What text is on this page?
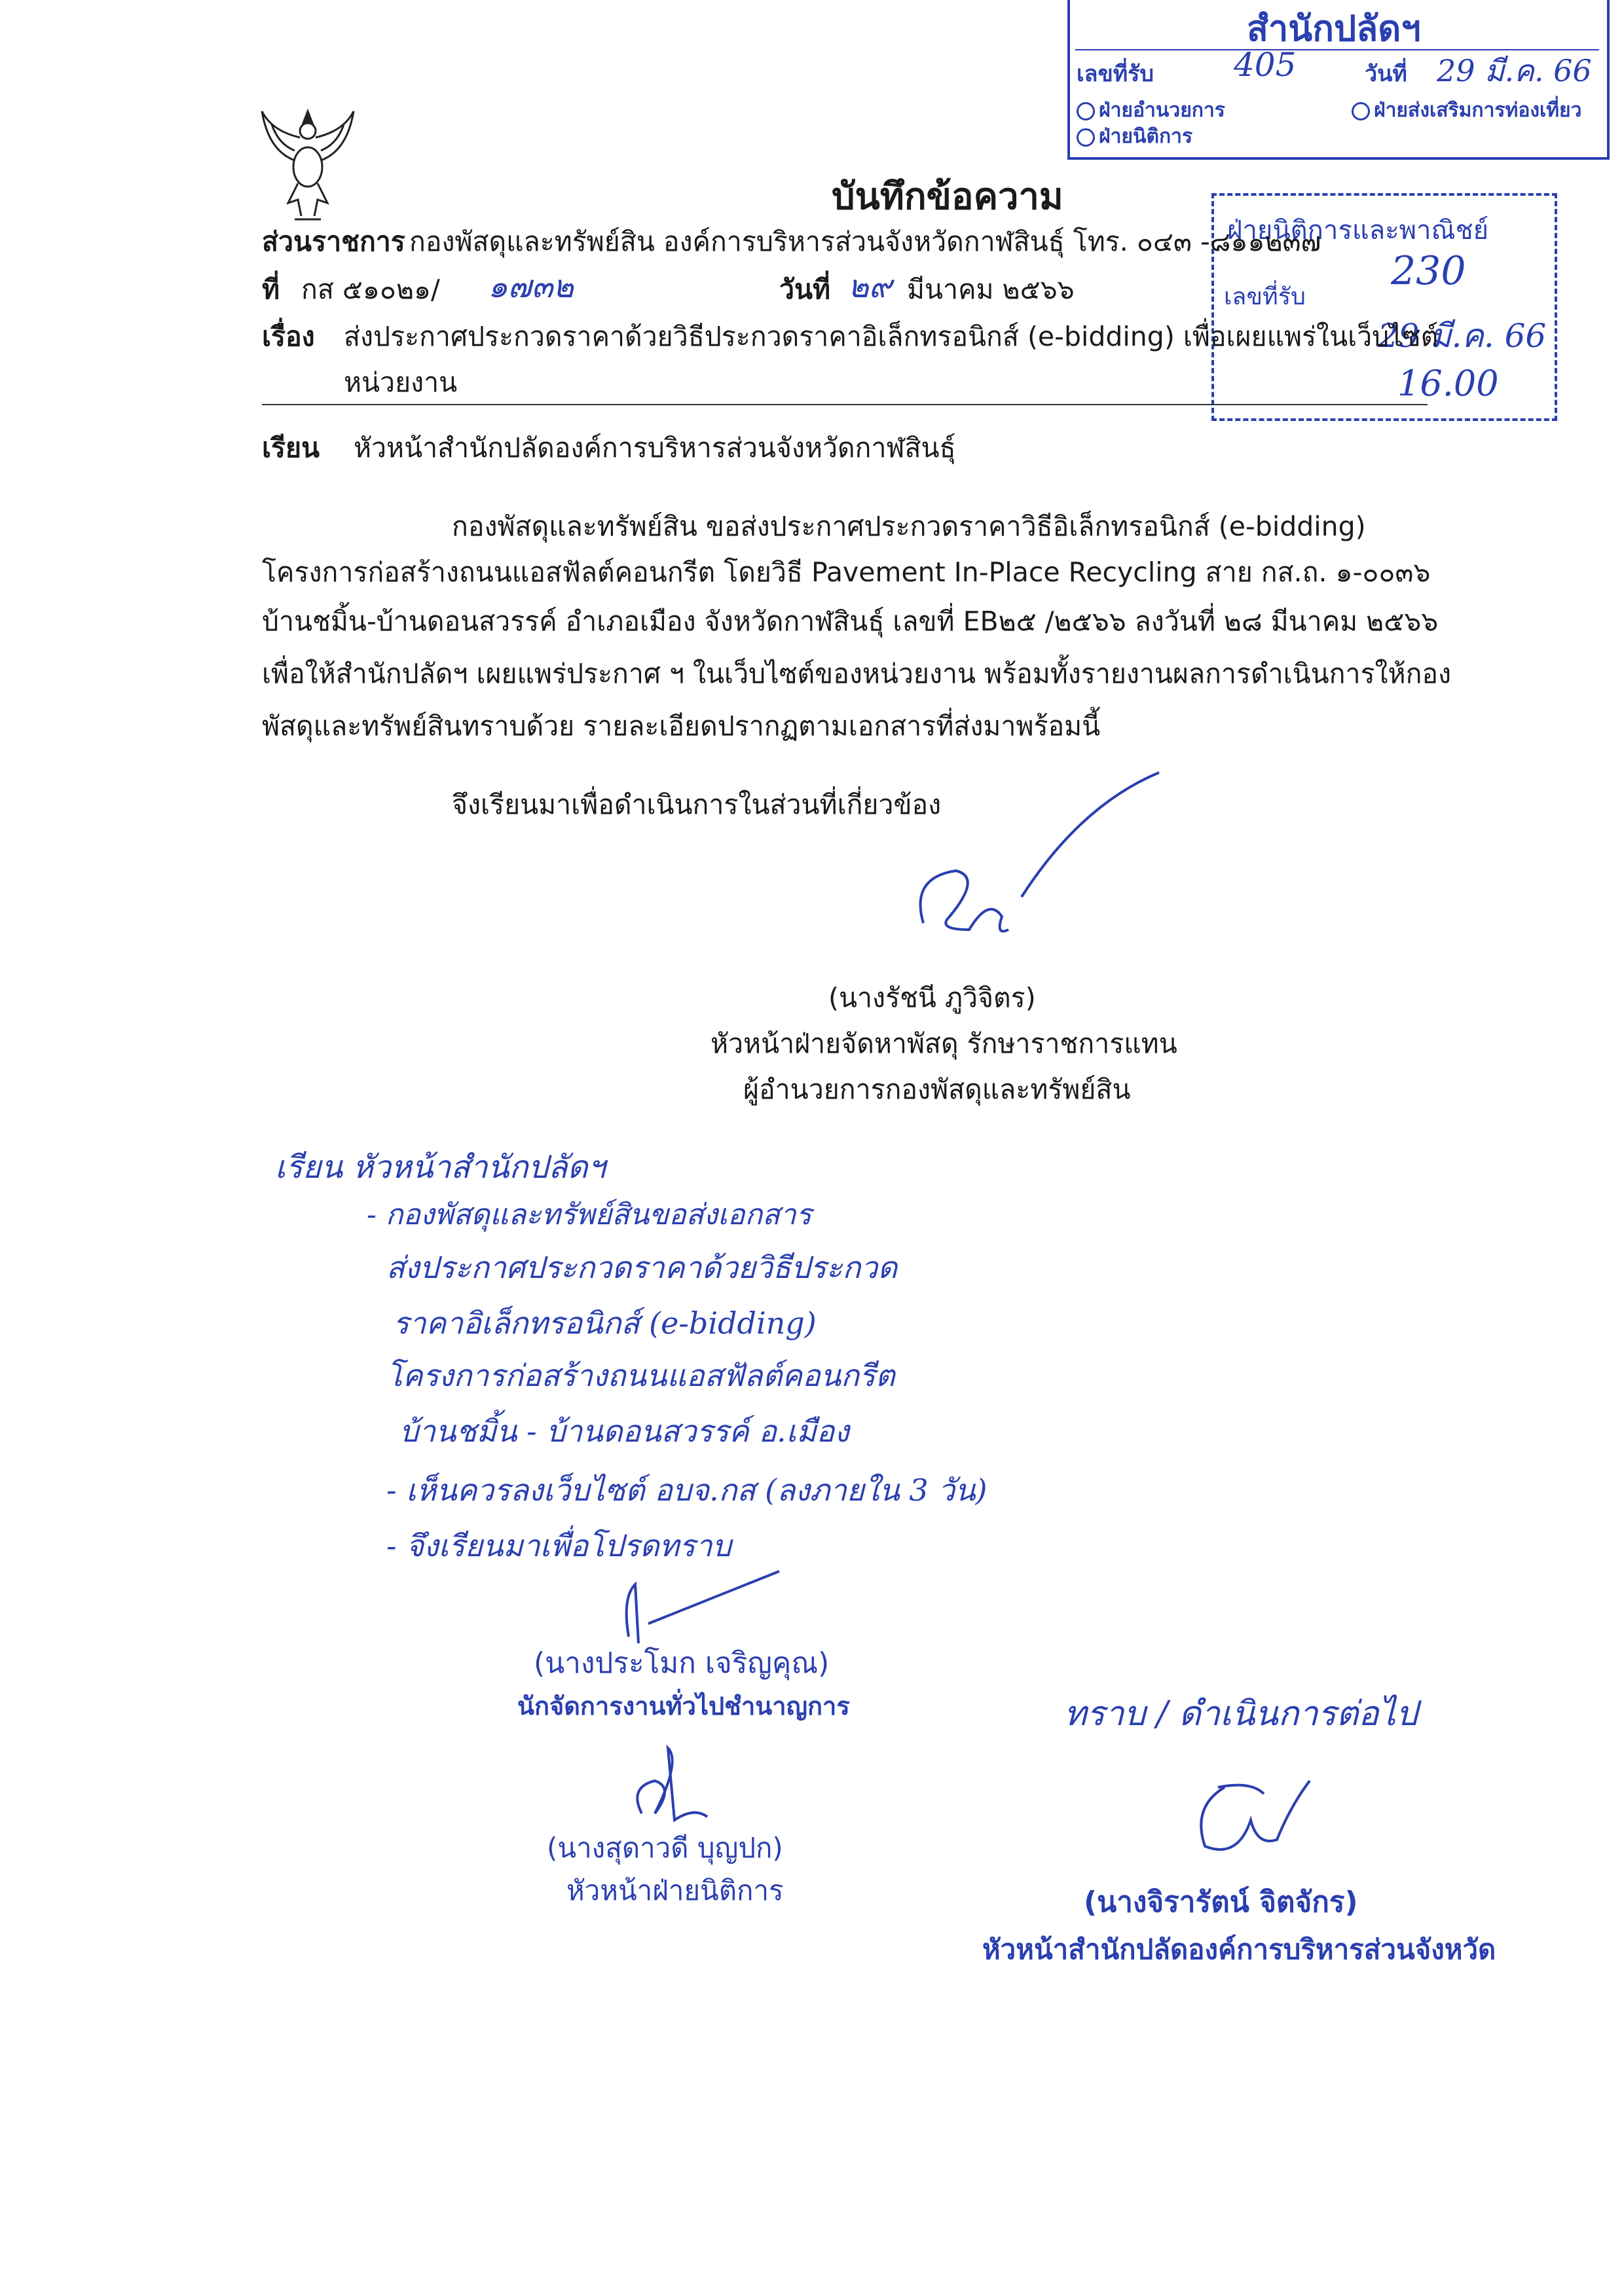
สำนักปลัดฯ
เลขที่รับ 405	วันที่ 29 มี.ค. 66
ฝ่ายอำนวยการ	ฝ่ายส่งเสริมการท่องเที่ยว
ฝ่ายนิติการ
ฝ่ายนิติการและพาณิชย์
เลขที่รับ
230
29 มี.ค. 66
16.00
บันทึกข้อความ
ส่วนราชการ กองพัสดุและทรัพย์สิน องค์การบริหารส่วนจังหวัดกาฬสินธุ์ โทร. ๐๔๓ -๘๑๑๒๓๗
ที่ กส ๕๑๐๒๑/ ๑๗๓๒	วันที่ ๒๙ มีนาคม ๒๕๖๖
เรื่อง ส่งประกาศประกวดราคาด้วยวิธีประกวดราคาอิเล็กทรอนิกส์ (e-bidding) เพื่อเผยแพร่ในเว็บไซต์
หน่วยงาน
เรียน หัวหน้าสำนักปลัดองค์การบริหารส่วนจังหวัดกาฬสินธุ์
กองพัสดุและทรัพย์สิน ขอส่งประกาศประกวดราคาวิธีอิเล็กทรอนิกส์ (e-bidding)
โครงการก่อสร้างถนนแอสฟัลต์คอนกรีต โดยวิธี Pavement In-Place Recycling สาย กส.ถ. ๑-๐๐๓๖
บ้านชมิ้น-บ้านดอนสวรรค์ อำเภอเมือง จังหวัดกาฬสินธุ์ เลขที่ EB๒๕ /๒๕๖๖ ลงวันที่ ๒๘ มีนาคม ๒๕๖๖
เพื่อให้สำนักปลัดฯ เผยแพร่ประกาศ ฯ ในเว็บไซต์ของหน่วยงาน พร้อมทั้งรายงานผลการดำเนินการให้กอง
พัสดุและทรัพย์สินทราบด้วย รายละเอียดปรากฏตามเอกสารที่ส่งมาพร้อมนี้
จึงเรียนมาเพื่อดำเนินการในส่วนที่เกี่ยวข้อง
(นางรัชนี ภูวิจิตร)
หัวหน้าฝ่ายจัดหาพัสดุ รักษาราชการแทน
ผู้อำนวยการกองพัสดุและทรัพย์สิน
เรียน หัวหน้าสำนักปลัดฯ
- กองพัสดุและทรัพย์สินขอส่งเอกสาร
ส่งประกาศประกวดราคาด้วยวิธีประกวด
ราคาอิเล็กทรอนิกส์ (e-bidding)
โครงการก่อสร้างถนนแอสฟัลต์คอนกรีต
บ้านชมิ้น - บ้านดอนสวรรค์ อ.เมือง
- เห็นควรลงเว็บไซต์ อบจ.กส (ลงภายใน 3 วัน)
- จึงเรียนมาเพื่อโปรดทราบ
(นางประโมก เจริญคุณ)
นักจัดการงานทั่วไปชำนาญการ
(นางสุดาวดี บุญปก)
หัวหน้าฝ่ายนิติการ
ทราบ / ดำเนินการต่อไป
(นางจิรารัตน์ จิตจักร)
หัวหน้าสำนักปลัดองค์การบริหารส่วนจังหวัด
